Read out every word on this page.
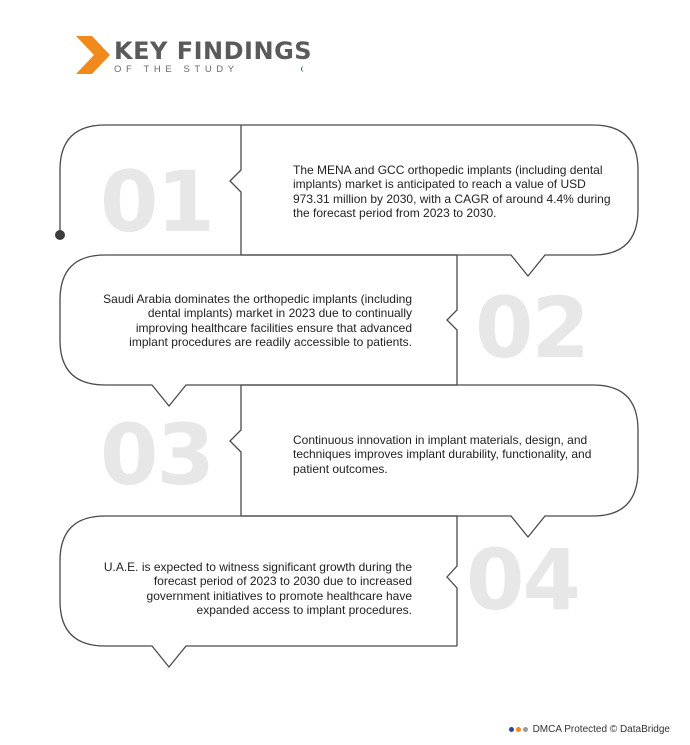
KEY FINDINGS
OF THE STUDY
01
02
03
04
The MENA and GCC orthopedic implants (including dental implants) market is anticipated to reach a value of USD 973.31 million by 2030, with a CAGR of around 4.4% during the forecast period from 2023 to 2030.
Saudi Arabia dominates the orthopedic implants (including dental implants) market in 2023 due to continually improving healthcare facilities ensure that advanced implant procedures are readily accessible to patients.
Continuous innovation in implant materials, design, and techniques improves implant durability, functionality, and patient outcomes.
U.A.E. is expected to witness significant growth during the forecast period of 2023 to 2030 due to increased government initiatives to promote healthcare have expanded access to implant procedures.
DMCA Protected © DataBridge
